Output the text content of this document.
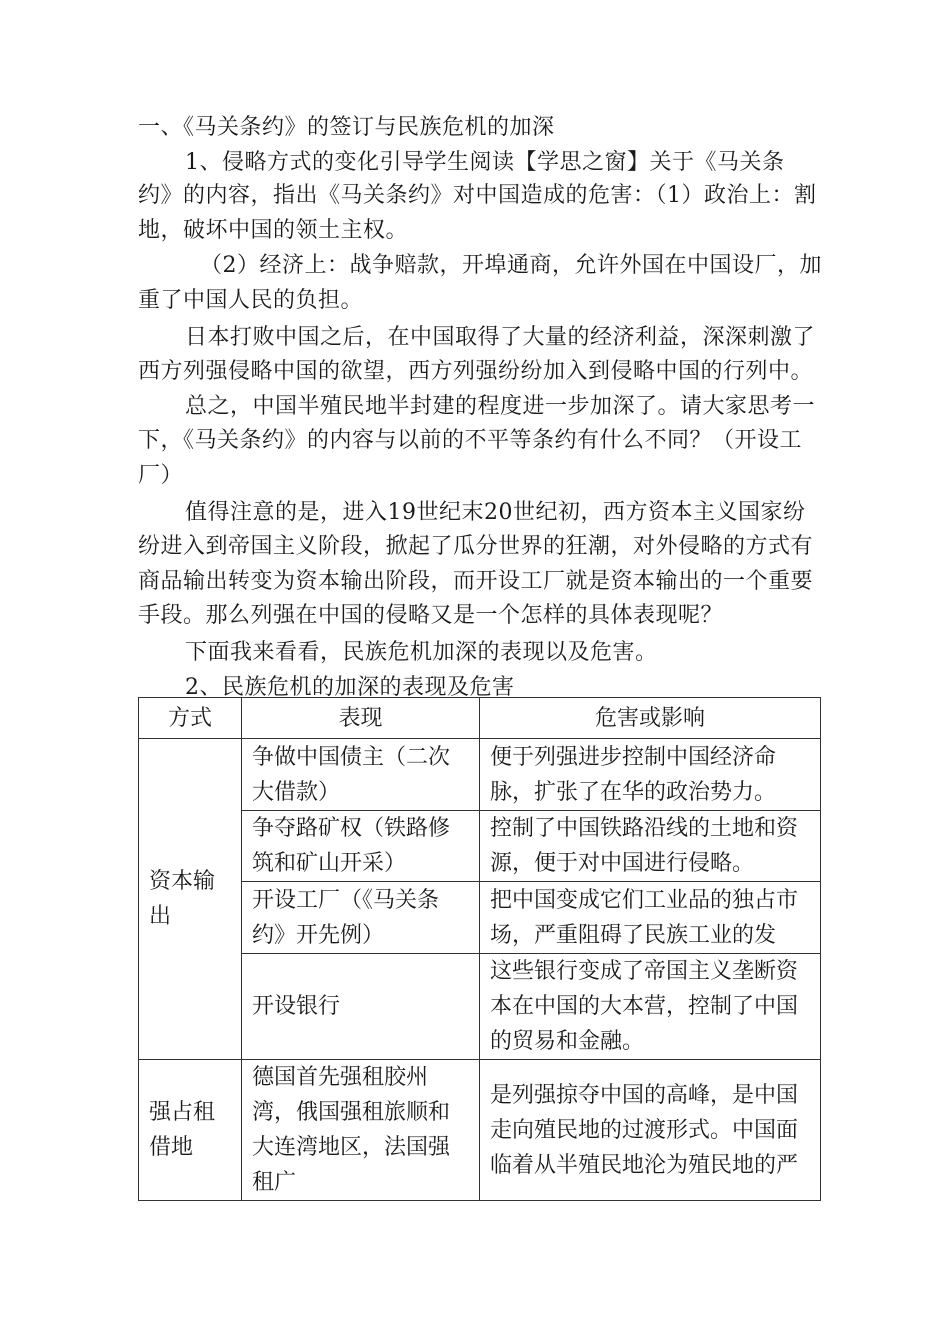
一、《马关条约》的签订与民族危机的加深
1、侵略方式的变化引导学生阅读【学思之窗】关于《马关条
约》的内容，指出《马关条约》对中国造成的危害：（1）政治上：割
地，破坏中国的领土主权。
（2）经济上：战争赔款，开埠通商，允许外国在中国设厂，加
重了中国人民的负担。
日本打败中国之后，在中国取得了大量的经济利益，深深刺激了
西方列强侵略中国的欲望，西方列强纷纷加入到侵略中国的行列中。
总之，中国半殖民地半封建的程度进一步加深了。请大家思考一
下，《马关条约》的内容与以前的不平等条约有什么不同？（开设工
厂）
值得注意的是，进入19世纪末20世纪初，西方资本主义国家纷
纷进入到帝国主义阶段，掀起了瓜分世界的狂潮，对外侵略的方式有
商品输出转变为资本输出阶段，而开设工厂就是资本输出的一个重要
手段。那么列强在中国的侵略又是一个怎样的具体表现呢？
下面我来看看，民族危机加深的表现以及危害。
2、民族危机的加深的表现及危害
方式	表现	危害或影响
资本输出	争做中国债主（二次大借款）	便于列强进步控制中国经济命脉，扩张了在华的政治势力。
	争夺路矿权（铁路修筑和矿山开采）	控制了中国铁路沿线的土地和资源，便于对中国进行侵略。
	开设工厂（《马关条约》开先例）	把中国变成它们工业品的独占市场，严重阻碍了民族工业的发
	开设银行	这些银行变成了帝国主义垄断资本在中国的大本营，控制了中国的贸易和金融。
强占租借地	德国首先强租胶州湾，俄国强租旅顺和大连湾地区，法国强租广	是列强掠夺中国的高峰，是中国走向殖民地的过渡形式。中国面临着从半殖民地沦为殖民地的严
